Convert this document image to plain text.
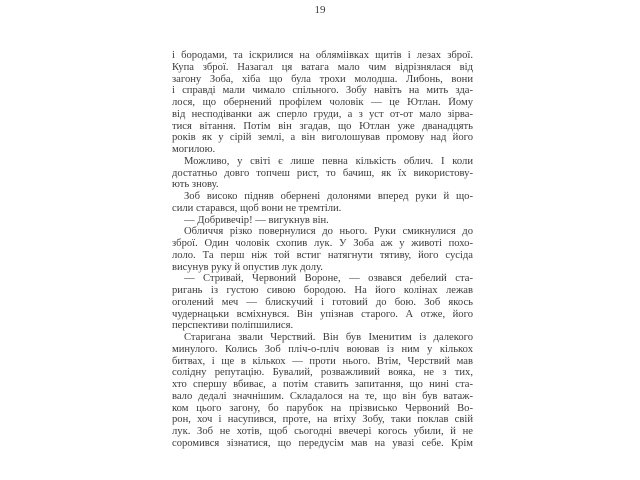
19
і бородами, та іскрилися на обляміівках щитів і лезах зброї.
Купа зброї. Назагал ця ватага мало чим відрізнялася від
загону Зоба, хіба що була трохи молодша. Либонь, вони
і справді мали чимало спільного. Зобу навіть на мить зда-
лося, що обернений профілем чоловік — це Ютлан. Йому
від несподіванки аж сперло груди, а з уст от-от мало зірва-
тися вітання. Потім він згадав, що Ютлан уже дванадцять
років як у сірій землі, а він виголошував промову над його
могилою.
Можливо, у світі є лише певна кількість облич. І коли
достатньо довго топчеш рист, то бачиш, як їх використову-
ють знову.
Зоб високо підняв обернені долонями вперед руки й що-
сили старався, щоб вони не тремтіли.
— Добривечір! — вигукнув він.
Обличчя різко повернулися до нього. Руки смикнулися до
зброї. Один чоловік схопив лук. У Зоба аж у животі похо-
лоло. Та перш ніж той встиг натягнути тятиву, його сусіда
висунув руку й опустив лук долу.
— Стривай, Червоний Вороне, — озвався дебелий ста-
ригань із густою сивою бородою. На його колінах лежав
оголений меч — блискучий і готовий до бою. Зоб якось
чудернацьки всміхнувся. Він упізнав старого. А отже, його
перспективи поліпшилися.
Старигана звали Черствий. Він був Іменитим із далекого
минулого. Колись Зоб пліч-о-пліч воював із ним у кількох
битвах, і ще в кількох — проти нього. Втім, Черствий мав
солідну репутацію. Бувалий, розважливий вояка, не з тих,
хто спершу вбиває, а потім ставить запитання, що нині ста-
вало дедалі значнішим. Складалося на те, що він був ватаж-
ком цього загону, бо парубок на прізвисько Червоний Во-
рон, хоч і насупився, проте, на втіху Зобу, таки поклав свій
лук. Зоб не хотів, щоб сьогодні ввечері когось убили, й не
соромився зізнатися, що передусім мав на увазі себе. Крім
